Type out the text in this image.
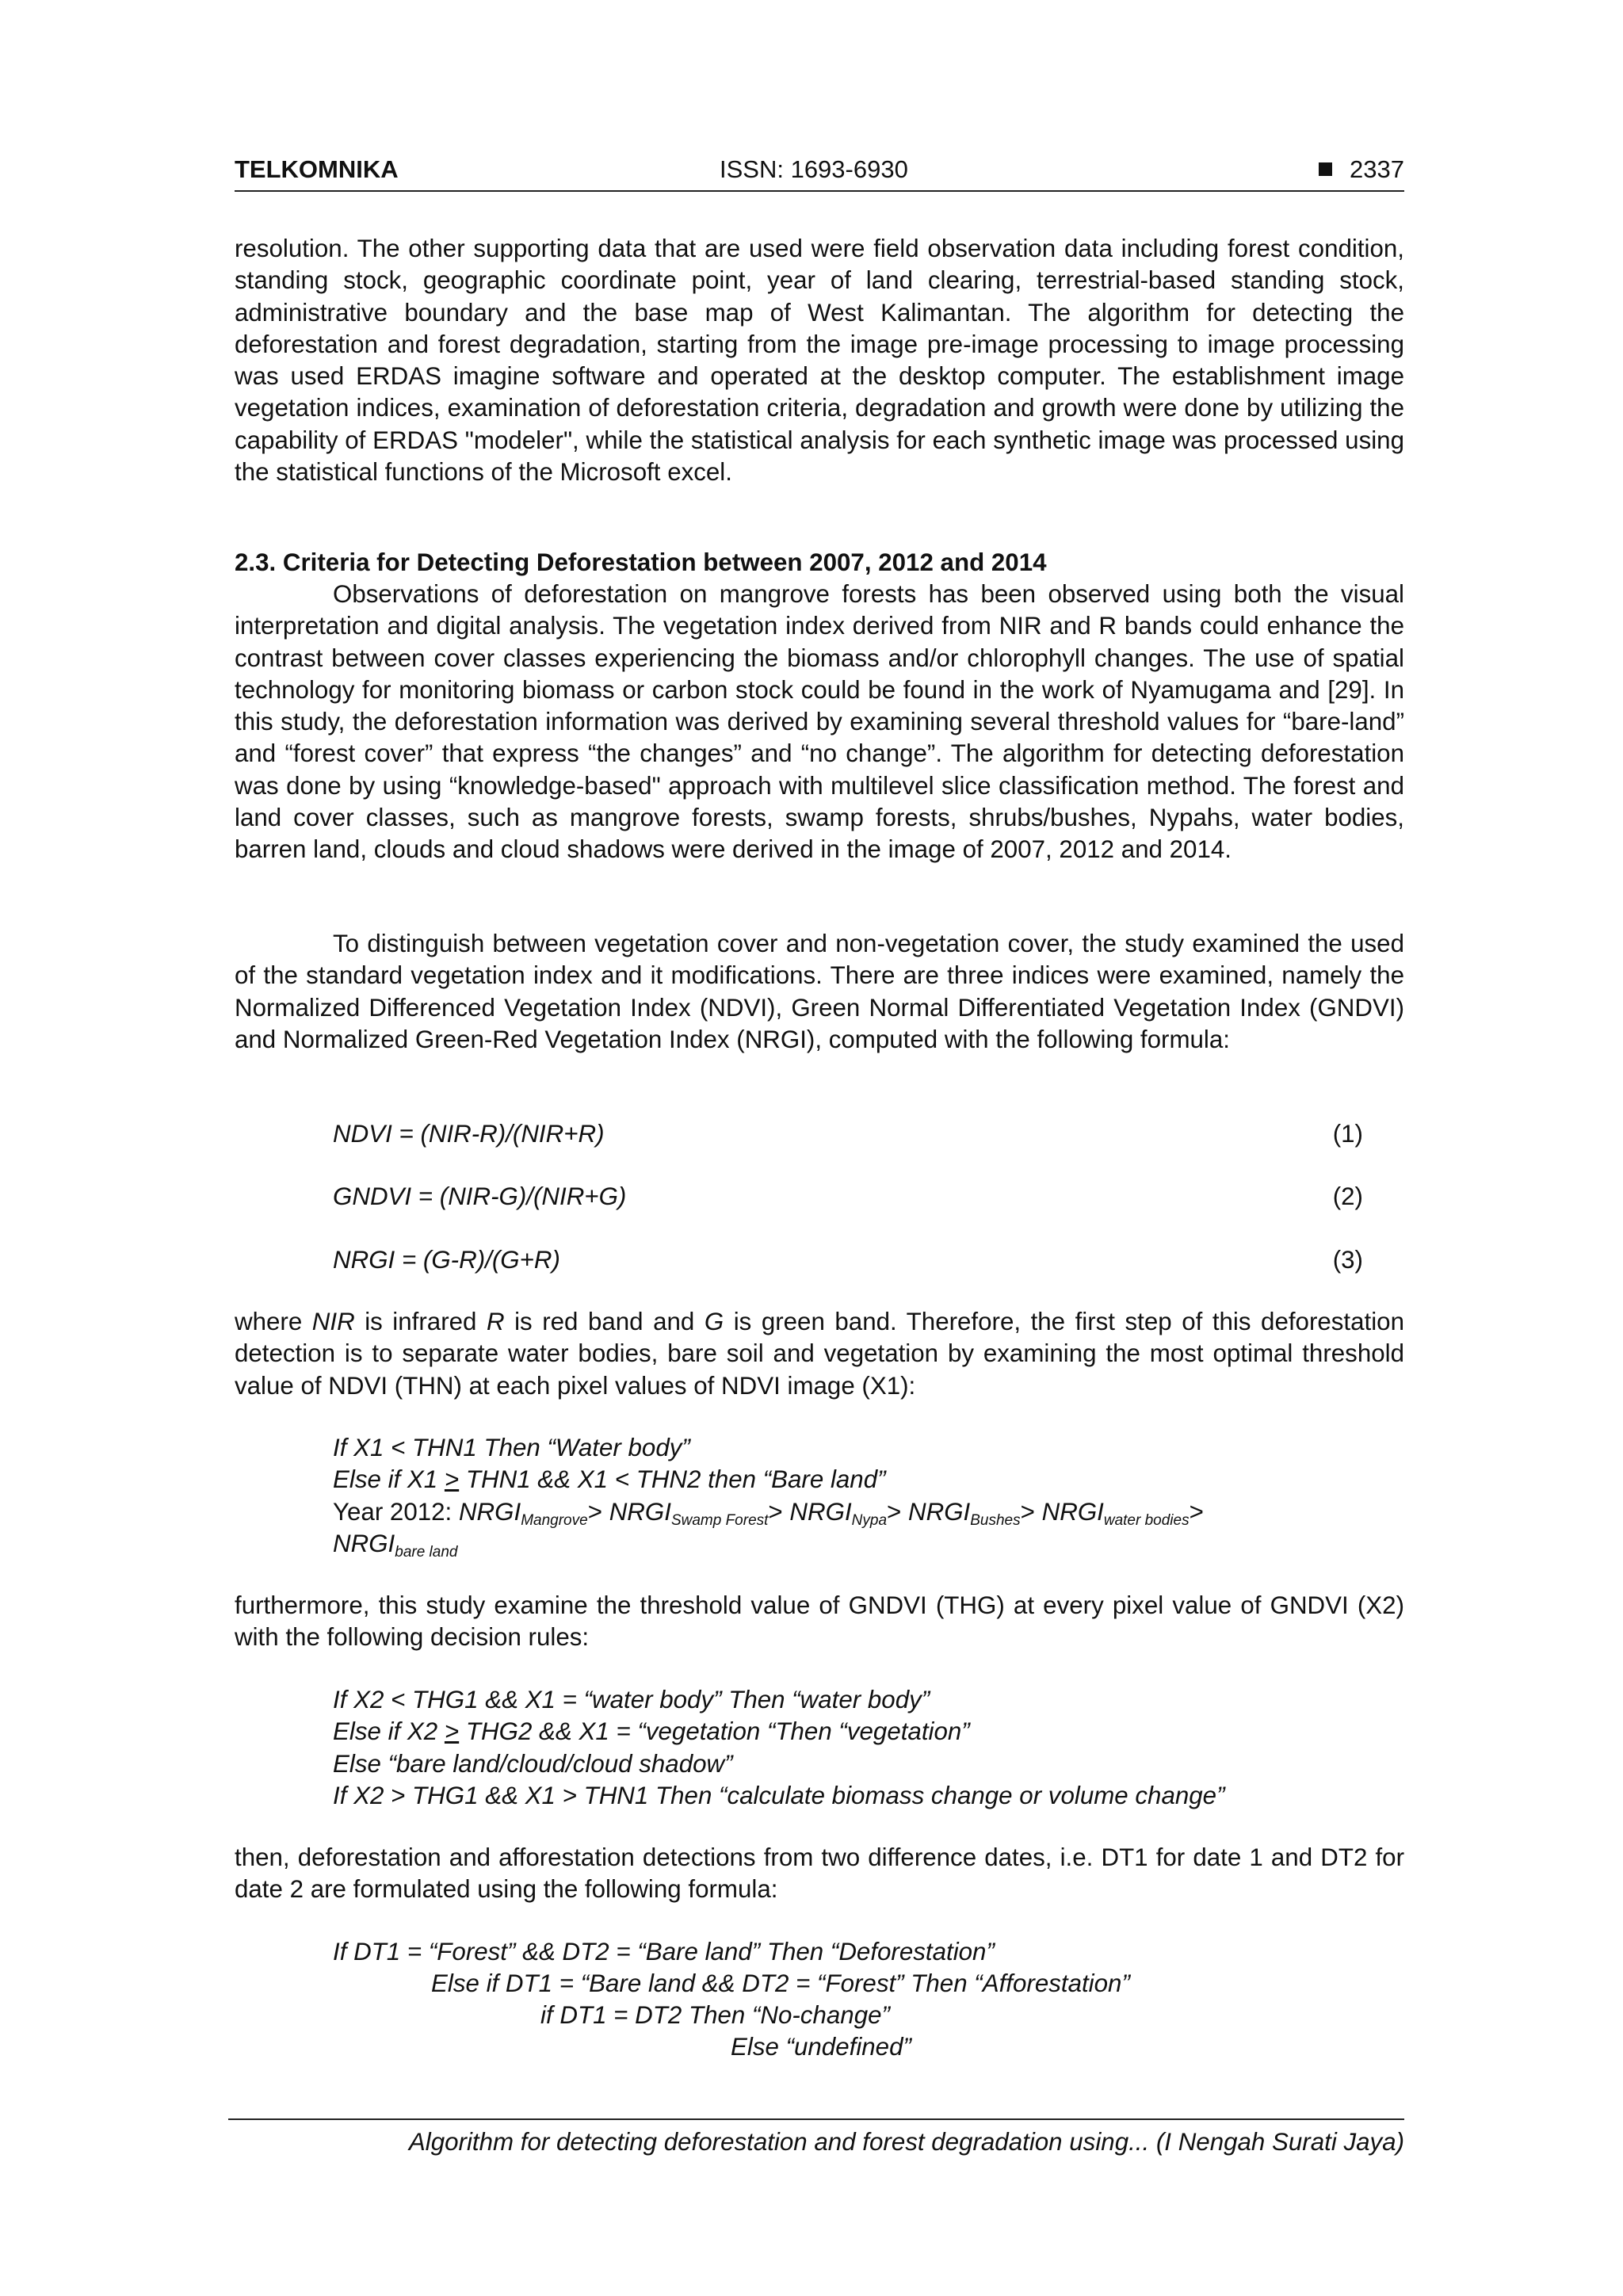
TELKOMNIKA	ISSN: 1693-6930	2337
resolution. The other supporting data that are used were field observation data including forest condition, standing stock, geographic coordinate point, year of land clearing, terrestrial-based standing stock, administrative boundary and the base map of West Kalimantan. The algorithm for detecting the deforestation and forest degradation, starting from the image pre-image processing to image processing was used ERDAS imagine software and operated at the desktop computer. The establishment image vegetation indices, examination of deforestation criteria, degradation and growth were done by utilizing the capability of ERDAS "modeler", while the statistical analysis for each synthetic image was processed using the statistical functions of the Microsoft excel.
2.3. Criteria for Detecting Deforestation between 2007, 2012 and 2014
Observations of deforestation on mangrove forests has been observed using both the visual interpretation and digital analysis. The vegetation index derived from NIR and R bands could enhance the contrast between cover classes experiencing the biomass and/or chlorophyll changes. The use of spatial technology for monitoring biomass or carbon stock could be found in the work of Nyamugama and [29]. In this study, the deforestation information was derived by examining several threshold values for “bare-land” and “forest cover” that express “the changes” and “no change”. The algorithm for detecting deforestation was done by using “knowledge-based" approach with multilevel slice classification method. The forest and land cover classes, such as mangrove forests, swamp forests, shrubs/bushes, Nypahs, water bodies, barren land, clouds and cloud shadows were derived in the image of 2007, 2012 and 2014.
To distinguish between vegetation cover and non-vegetation cover, the study examined the used of the standard vegetation index and it modifications. There are three indices were examined, namely the Normalized Differenced Vegetation Index (NDVI), Green Normal Differentiated Vegetation Index (GNDVI) and Normalized Green-Red Vegetation Index (NRGI), computed with the following formula:
NDVI = (NIR-R)/(NIR+R)	(1)
GNDVI = (NIR-G)/(NIR+G)	(2)
NRGI = (G-R)/(G+R)	(3)
where NIR is infrared R is red band and G is green band. Therefore, the first step of this deforestation detection is to separate water bodies, bare soil and vegetation by examining the most optimal threshold value of NDVI (THN) at each pixel values of NDVI image (X1):
If X1 < THN1 Then “Water body”
Else if X1 > THN1 && X1 < THN2 then “Bare land”
Year 2012: $NRGI_{Mangrove}>$ $NRGI_{Swamp Forest}>$ $NRGI_{Nypa}>$ $NRGI_{Bushes}>$ $NRGI_{water bodies}>$
$NRGI_{bare land}$
furthermore, this study examine the threshold value of GNDVI (THG) at every pixel value of GNDVI (X2) with the following decision rules:
If X2 < THG1 && X1 = “water body” Then “water body”
Else if X2 > THG2 && X1 = “vegetation “Then “vegetation”
Else “bare land/cloud/cloud shadow”
If X2 > THG1 && X1 > THN1 Then “calculate biomass change or volume change”
then, deforestation and afforestation detections from two difference dates, i.e. DT1 for date 1 and DT2 for date 2 are formulated using the following formula:
If DT1 = “Forest” && DT2 = “Bare land” Then “Deforestation”
Else if DT1 = “Bare land && DT2 = “Forest” Then “Afforestation”
if DT1 = DT2 Then “No-change”
Else “undefined”
Algorithm for detecting deforestation and forest degradation using... (I Nengah Surati Jaya)
